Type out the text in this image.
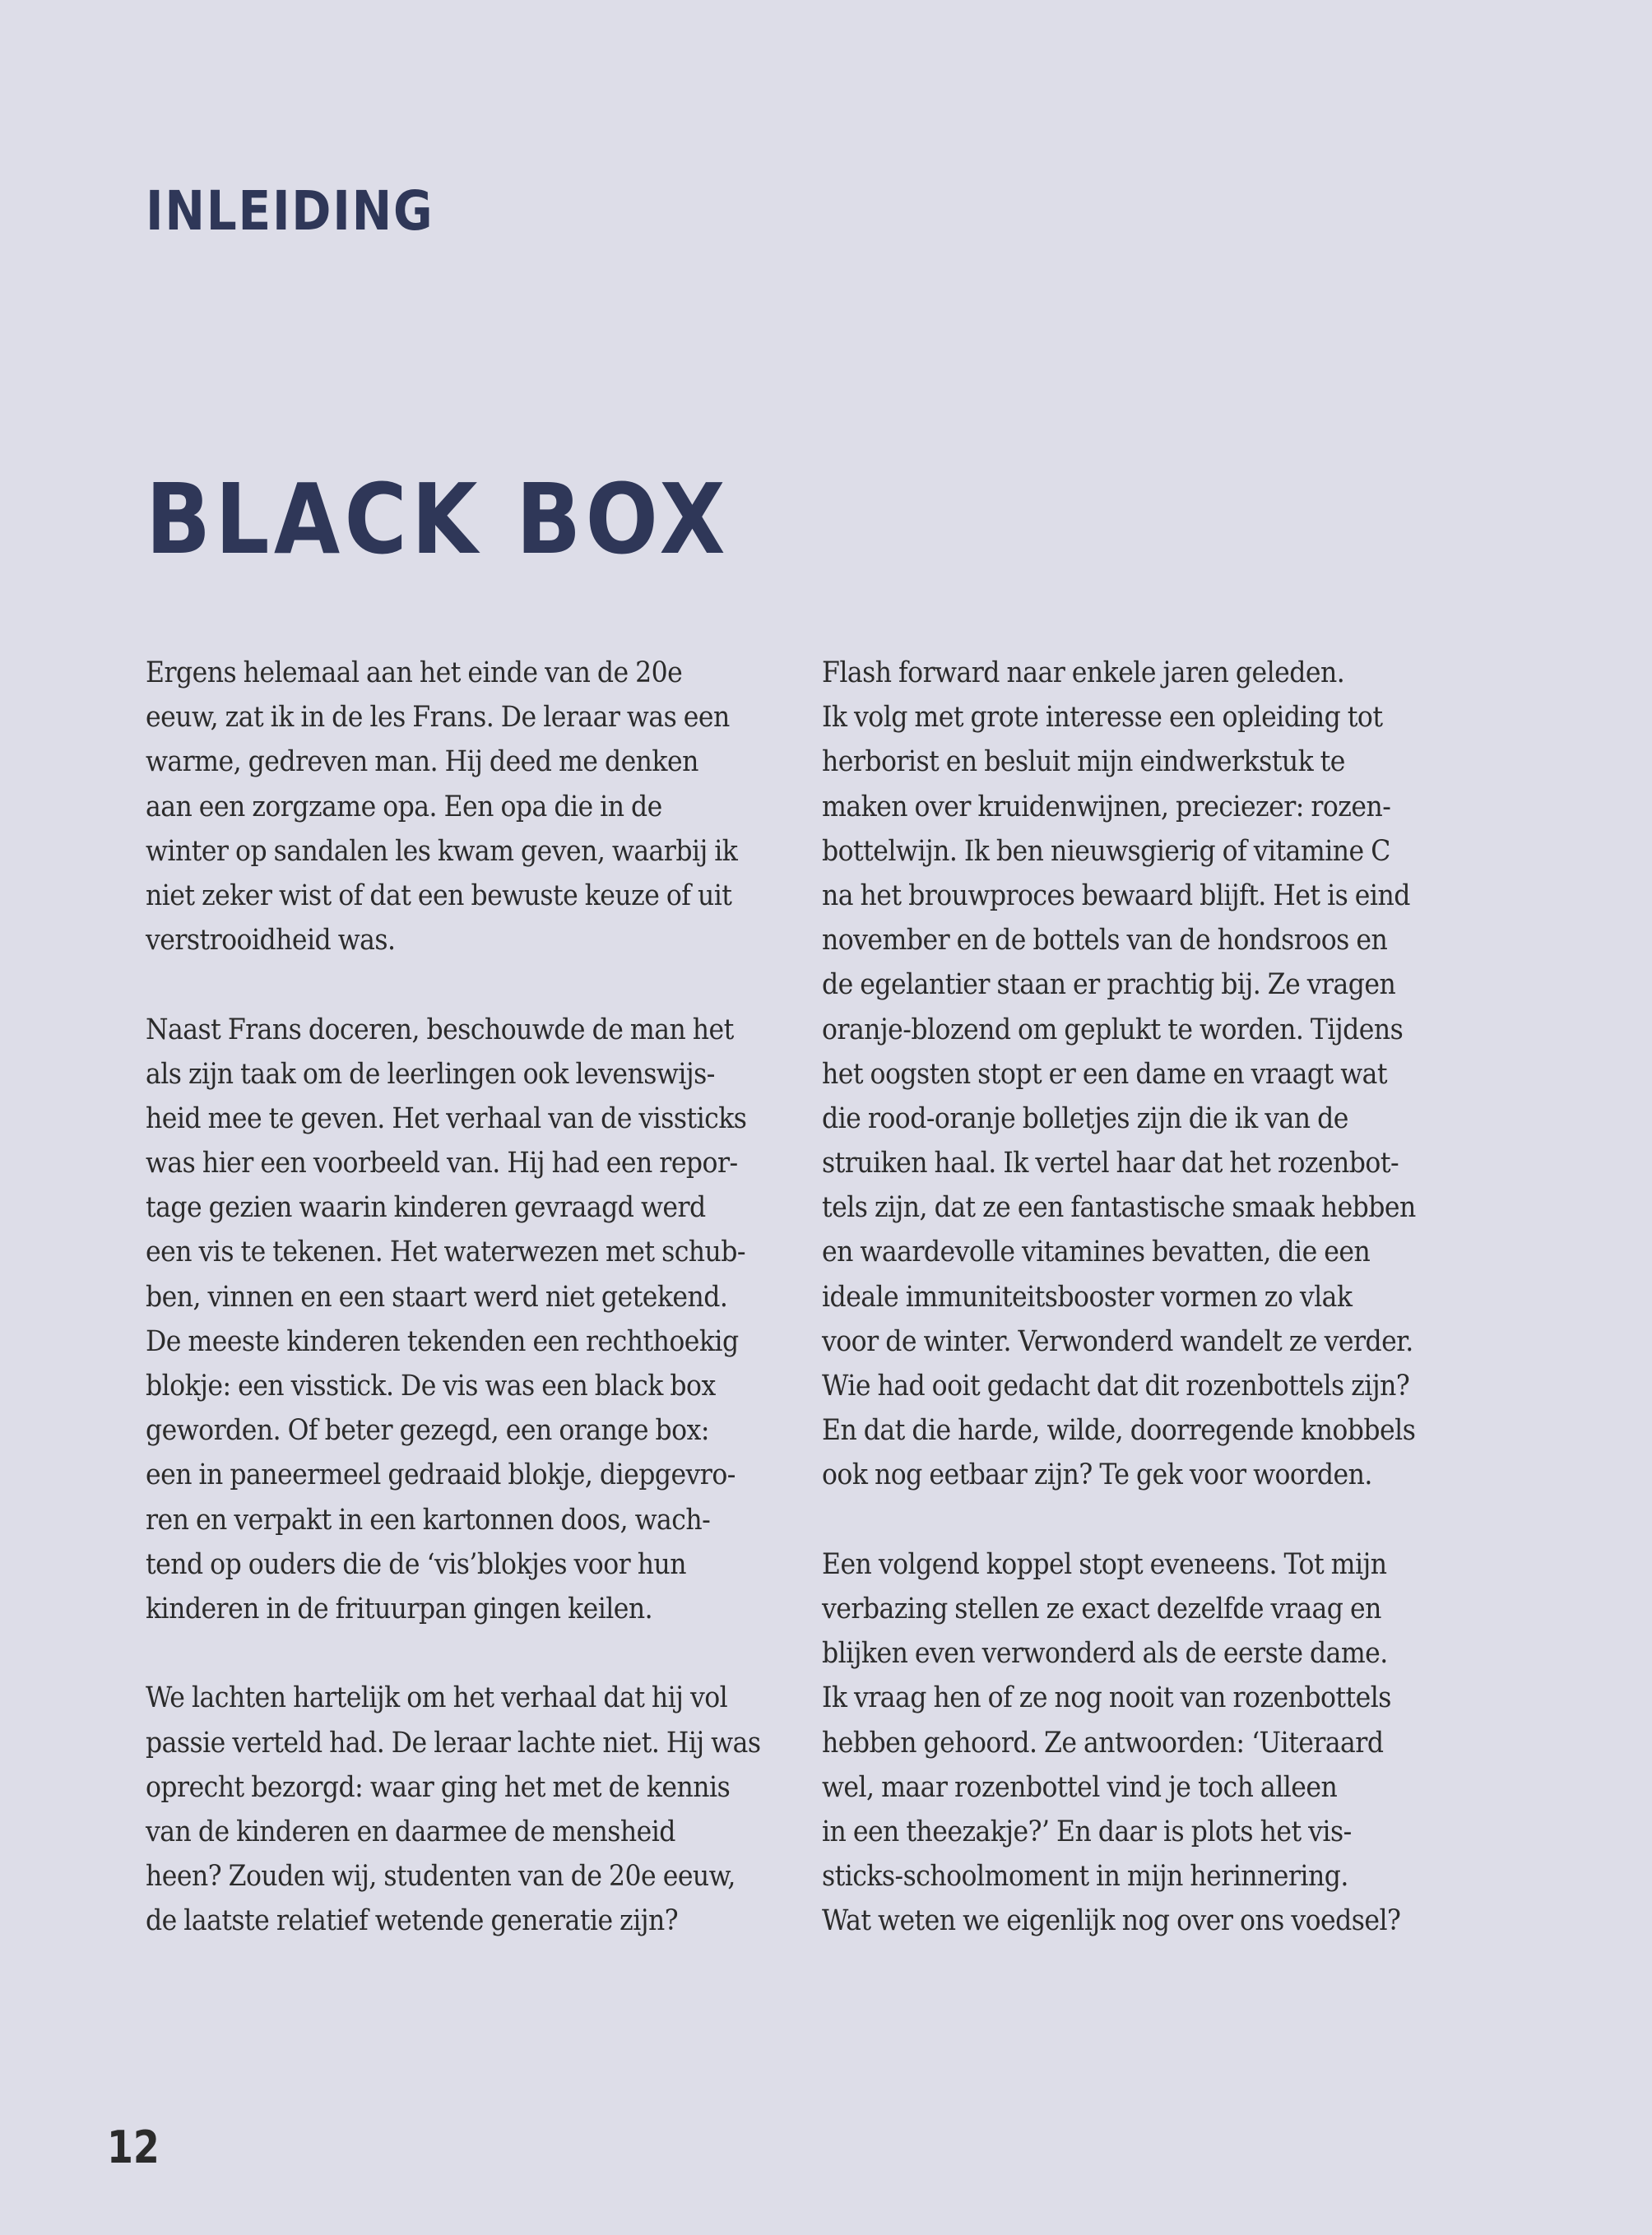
INLEIDING
BLACK BOX
Ergens helemaal aan het einde van de 20e
eeuw, zat ik in de les Frans. De leraar was een
warme, gedreven man. Hij deed me denken
aan een zorgzame opa. Een opa die in de
winter op sandalen les kwam geven, waarbij ik
niet zeker wist of dat een bewuste keuze of uit
verstrooidheid was.
Naast Frans doceren, beschouwde de man het
als zijn taak om de leerlingen ook levenswijs-
heid mee te geven. Het verhaal van de vissticks
was hier een voorbeeld van. Hij had een repor-
tage gezien waarin kinderen gevraagd werd
een vis te tekenen. Het waterwezen met schub-
ben, vinnen en een staart werd niet getekend.
De meeste kinderen tekenden een rechthoekig
blokje: een visstick. De vis was een black box
geworden. Of beter gezegd, een orange box:
een in paneermeel gedraaid blokje, diepgevro-
ren en verpakt in een kartonnen doos, wach-
tend op ouders die de ‘vis’blokjes voor hun
kinderen in de frituurpan gingen keilen.
We lachten hartelijk om het verhaal dat hij vol
passie verteld had. De leraar lachte niet. Hij was
oprecht bezorgd: waar ging het met de kennis
van de kinderen en daarmee de mensheid
heen? Zouden wij, studenten van de 20e eeuw,
de laatste relatief wetende generatie zijn?
Flash forward naar enkele jaren geleden.
Ik volg met grote interesse een opleiding tot
herborist en besluit mijn eindwerkstuk te
maken over kruidenwijnen, preciezer: rozen-
bottelwijn. Ik ben nieuwsgierig of vitamine C
na het brouwproces bewaard blijft. Het is eind
november en de bottels van de hondsroos en
de egelantier staan er prachtig bij. Ze vragen
oranje-blozend om geplukt te worden. Tijdens
het oogsten stopt er een dame en vraagt wat
die rood-oranje bolletjes zijn die ik van de
struiken haal. Ik vertel haar dat het rozenbot-
tels zijn, dat ze een fantastische smaak hebben
en waardevolle vitamines bevatten, die een
ideale immuniteitsbooster vormen zo vlak
voor de winter. Verwonderd wandelt ze verder.
Wie had ooit gedacht dat dit rozenbottels zijn?
En dat die harde, wilde, doorregende knobbels
ook nog eetbaar zijn? Te gek voor woorden.
Een volgend koppel stopt eveneens. Tot mijn
verbazing stellen ze exact dezelfde vraag en
blijken even verwonderd als de eerste dame.
Ik vraag hen of ze nog nooit van rozenbottels
hebben gehoord. Ze antwoorden: ‘Uiteraard
wel, maar rozenbottel vind je toch alleen
in een theezakje?’ En daar is plots het vis-
sticks-schoolmoment in mijn herinnering.
Wat weten we eigenlijk nog over ons voedsel?
12
